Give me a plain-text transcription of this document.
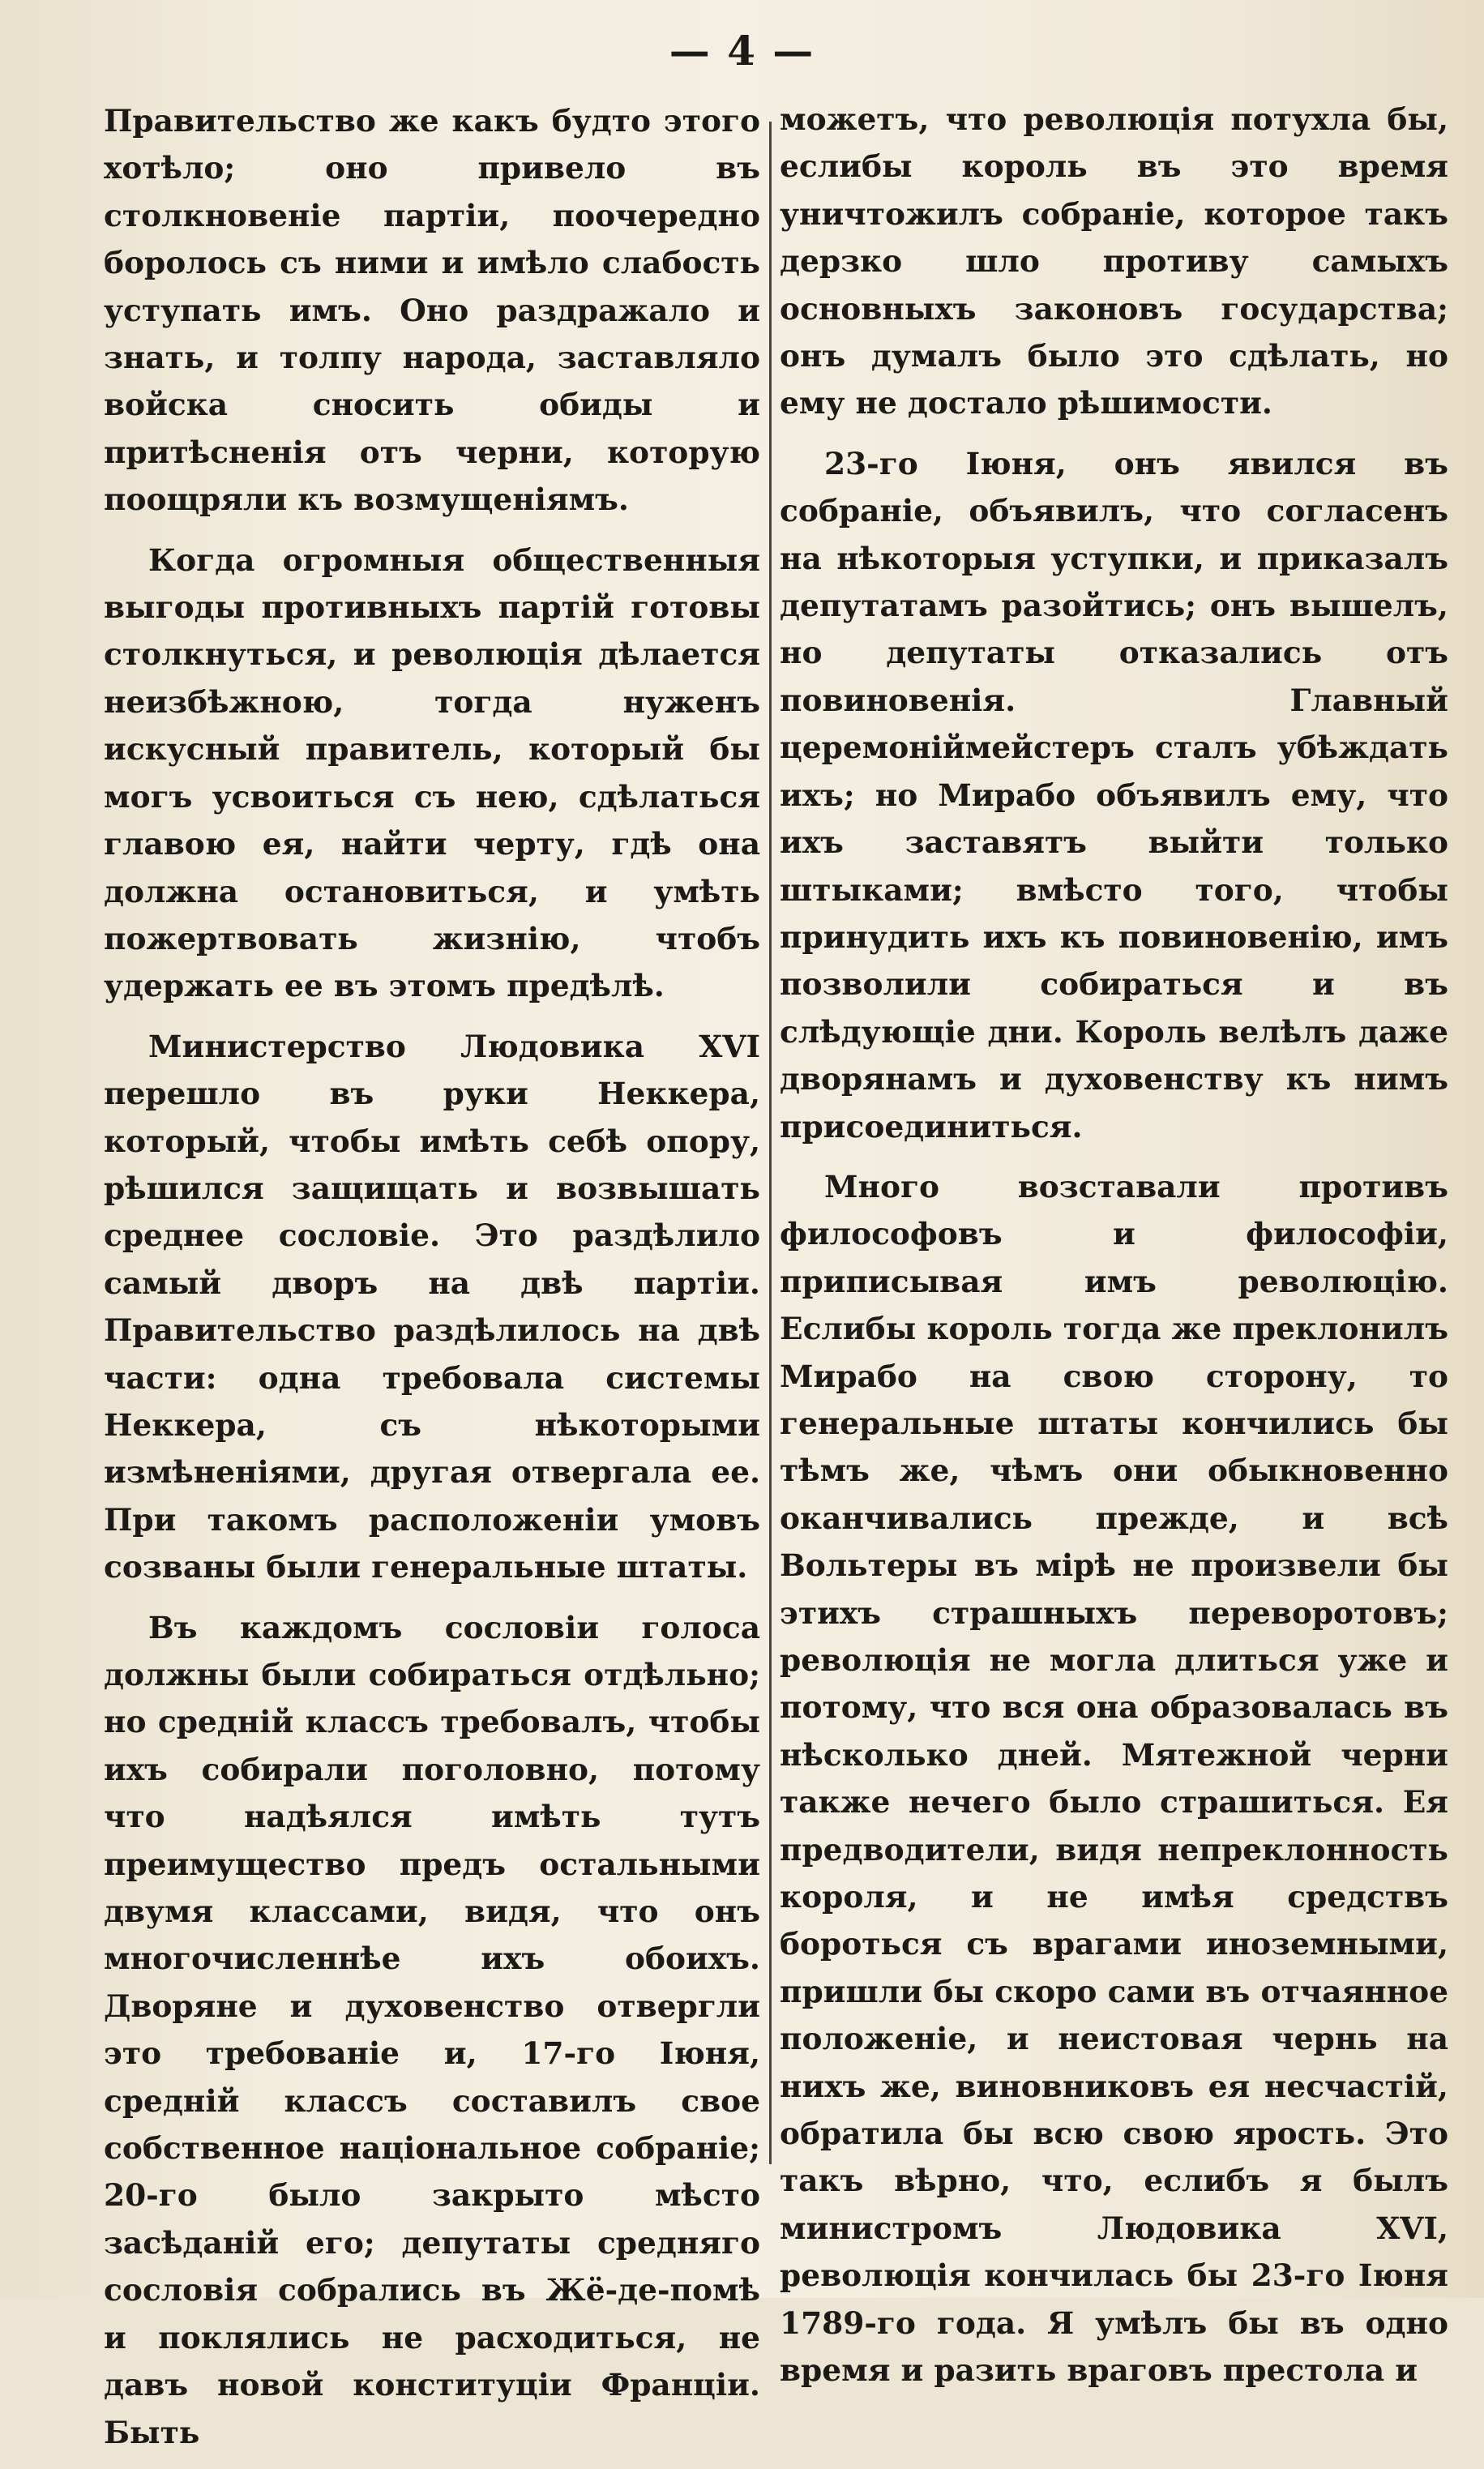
— 4 —

Правительство же какъ будто этого хотѣло; оно привело въ столкновеніе партіи, поочередно боролось съ ними и имѣло слабость уступать имъ. Оно раздражало и знать, и толпу народа, заставляло войска сносить обиды и притѣсненія отъ черни, которую поощряли къ возмущеніямъ.

Когда огромныя общественныя выгоды противныхъ партій готовы столкнуться, и революція дѣлается неизбѣжною, тогда нуженъ искусный правитель, который бы могъ усвоиться съ нею, сдѣлаться главою ея, найти черту, гдѣ она должна остановиться, и умѣть пожертвовать жизнію, чтобъ удержать ее въ этомъ предѣлѣ.

Министерство Людовика XVI перешло въ руки Неккера, который, чтобы имѣть себѣ опору, рѣшился защищать и возвышать среднее сословіе. Это раздѣлило самый дворъ на двѣ партіи. Правительство раздѣлилось на двѣ части: одна требовала системы Неккера, съ нѣкоторыми измѣненіями, другая отвергала ее. При такомъ расположеніи умовъ созваны были генеральные штаты.

Въ каждомъ сословіи голоса должны были собираться отдѣльно; но средній классъ требовалъ, чтобы ихъ собирали поголовно, потому что надѣялся имѣть тутъ преимущество предъ остальными двумя классами, видя, что онъ многочисленнѣе ихъ обоихъ. Дворяне и духовенство отвергли это требованіе и, 17-го Іюня, средній классъ составилъ свое собственное національное собраніе; 20-го было закрыто мѣсто засѣданій его; депутаты средняго сословія собрались въ Жё-де-помѣ и поклялись не расходиться, не давъ новой конституціи Франціи. Быть

можетъ, что революція потухла бы, еслибы король въ это время уничтожилъ собраніе, которое такъ дерзко шло противу самыхъ основныхъ законовъ государства; онъ думалъ было это сдѣлать, но ему не достало рѣшимости.

23-го Іюня, онъ явился въ собраніе, объявилъ, что согласенъ на нѣкоторыя уступки, и приказалъ депутатамъ разойтись; онъ вышелъ, но депутаты отказались отъ повиновенія. Главный церемоніймейстеръ сталъ убѣждать ихъ; но Мирабо объявилъ ему, что ихъ заставятъ выйти только штыками; вмѣсто того, чтобы принудить ихъ къ повиновенію, имъ позволили собираться и въ слѣдующіе дни. Король велѣлъ даже дворянамъ и духовенству къ нимъ присоединиться.

Много возставали противъ философовъ и философіи, приписывая имъ революцію. Еслибы король тогда же преклонилъ Мирабо на свою сторону, то генеральные штаты кончились бы тѣмъ же, чѣмъ они обыкновенно оканчивались прежде, и всѣ Вольтеры въ мірѣ не произвели бы этихъ страшныхъ переворотовъ; революція не могла длиться уже и потому, что вся она образовалась въ нѣсколько дней. Мятежной черни также нечего было страшиться. Ея предводители, видя непреклонность короля, и не имѣя средствъ бороться съ врагами иноземными, пришли бы скоро сами въ отчаянное положеніе, и неистовая чернь на нихъ же, виновниковъ ея несчастій, обратила бы всю свою ярость. Это такъ вѣрно, что, еслибъ я былъ министромъ Людовика XVI, революція кончилась бы 23-го Іюня 1789-го года. Я умѣлъ бы въ одно время и разить враговъ престола и
